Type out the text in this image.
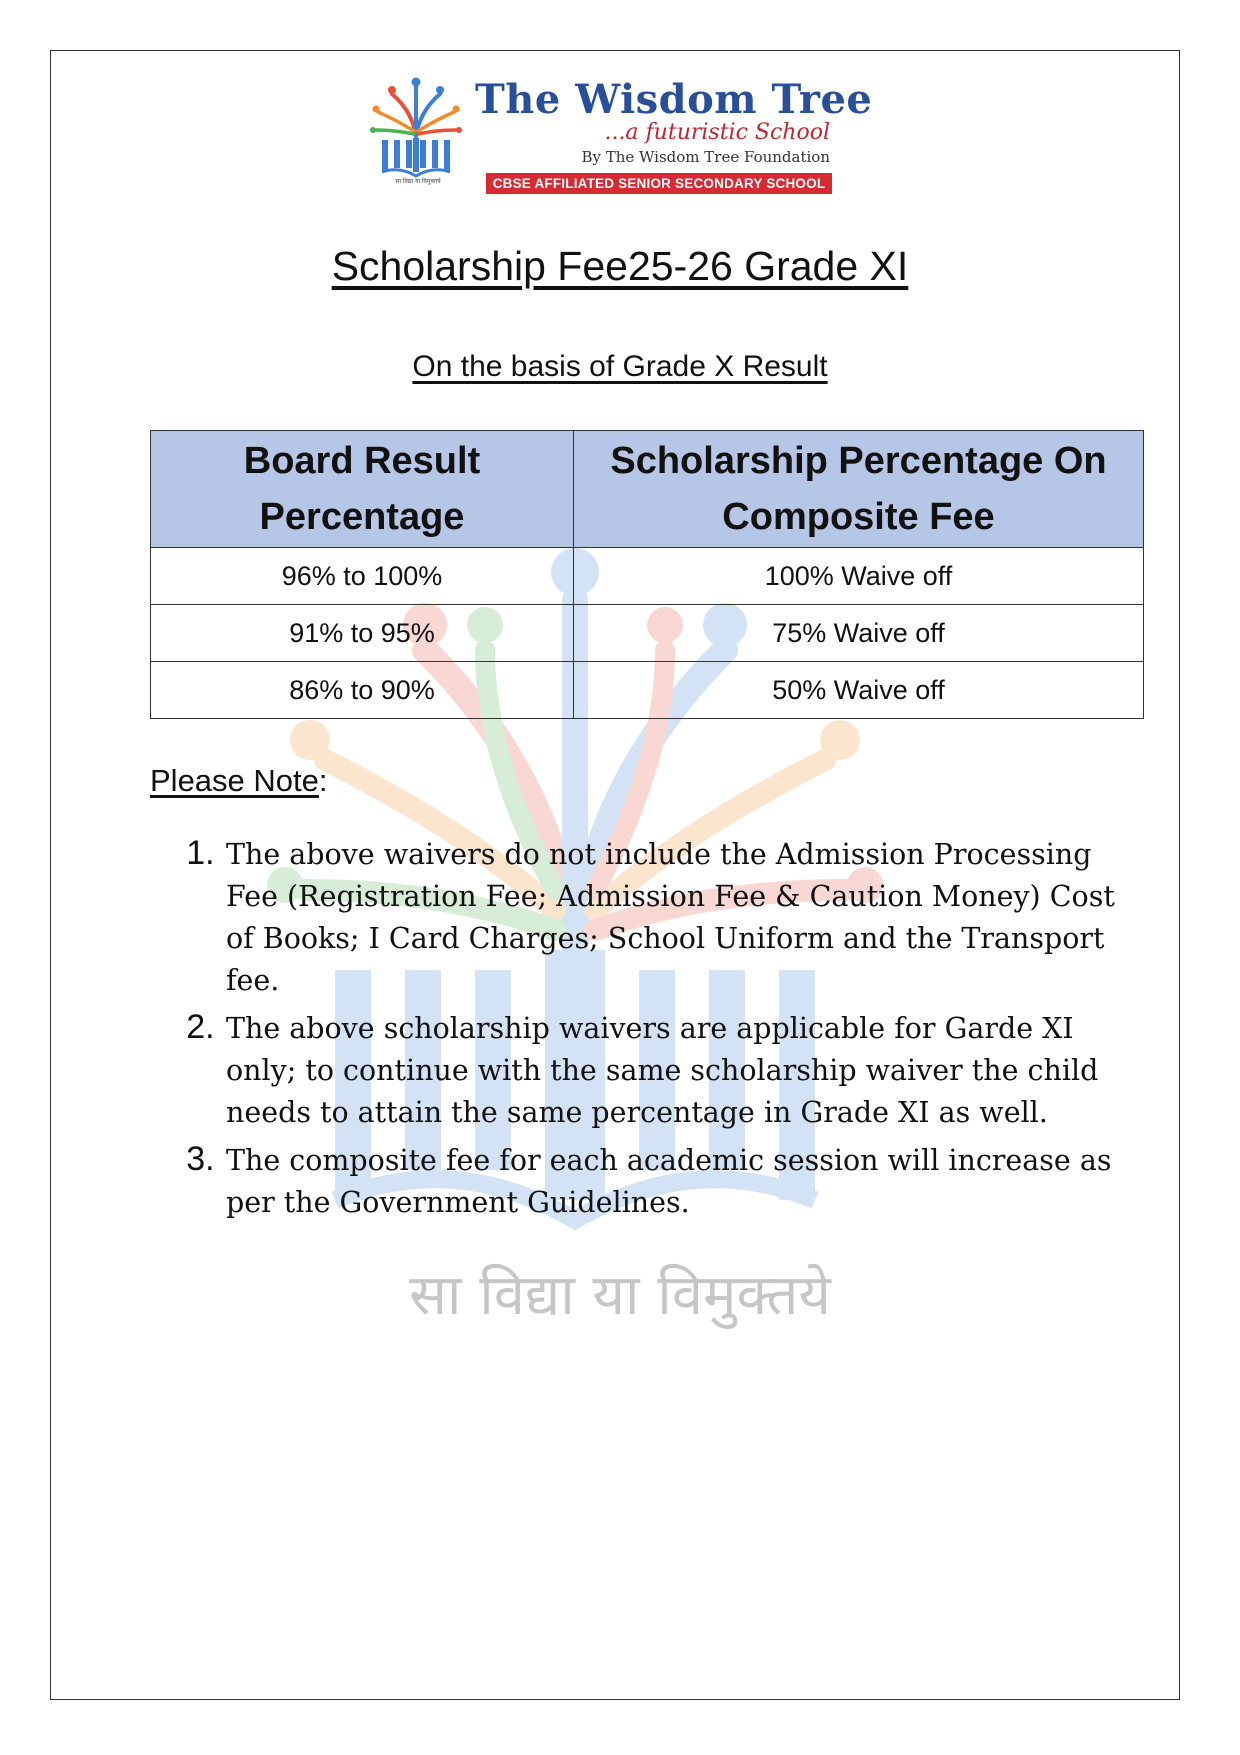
सा विद्या या विमुक्तये
सा विद्या या विमुक्तये
The Wisdom Tree
...a futuristic School
By The Wisdom Tree Foundation
CBSE AFFILIATED SENIOR SECONDARY SCHOOL
Scholarship Fee25-26 Grade XI
On the basis of Grade X Result
Board Result Percentage	Scholarship Percentage On Composite Fee
96% to 100%	100% Waive off
91% to 95%	75% Waive off
86% to 90%	50% Waive off
Please Note:
1. The above waivers do not include the Admission Processing Fee (Registration Fee; Admission Fee & Caution Money) Cost of Books; I Card Charges; School Uniform and the Transport fee.
2. The above scholarship waivers are applicable for Garde XI only; to continue with the same scholarship waiver the child needs to attain the same percentage in Grade XI as well.
3. The composite fee for each academic session will increase as per the Government Guidelines.
